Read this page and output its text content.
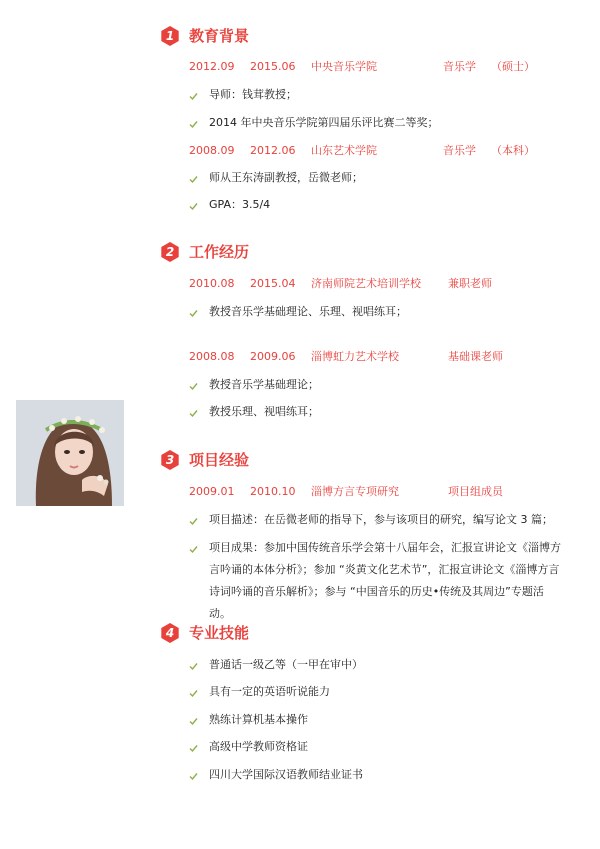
1 教育背景
2012.09 2015.06 中央音乐学院	音乐学 （硕士）
导师：钱茸教授；
2014 年中央音乐学院第四届乐评比赛二等奖；
2008.09 2012.06 山东艺术学院	音乐学 （本科）
师从王东涛副教授，岳微老师；
GPA：3.5/4
2 工作经历
2010.08 2015.04 济南师院艺术培训学校 兼职老师
教授音乐学基础理论、乐理、视唱练耳；
2008.08 2009.06 淄博虹力艺术学校	基础课老师
教授音乐学基础理论；
教授乐理、视唱练耳；
3 项目经验
2009.01 2010.10 淄博方言专项研究	项目组成员
项目描述：在岳微老师的指导下，参与该项目的研究，编写论文 3 篇；
项目成果：参加中国传统音乐学会第十八届年会，汇报宣讲论文《淄博方言吟诵的本体分析》；参加 “炎黄文化艺术节”，汇报宣讲论文《淄博方言诗词吟诵的音乐解析》；参与 “中国音乐的历史•传统及其周边”专题活动。
4 专业技能
普通话一级乙等（一甲在审中）
具有一定的英语听说能力
熟练计算机基本操作
高级中学教师资格证
四川大学国际汉语教师结业证书
